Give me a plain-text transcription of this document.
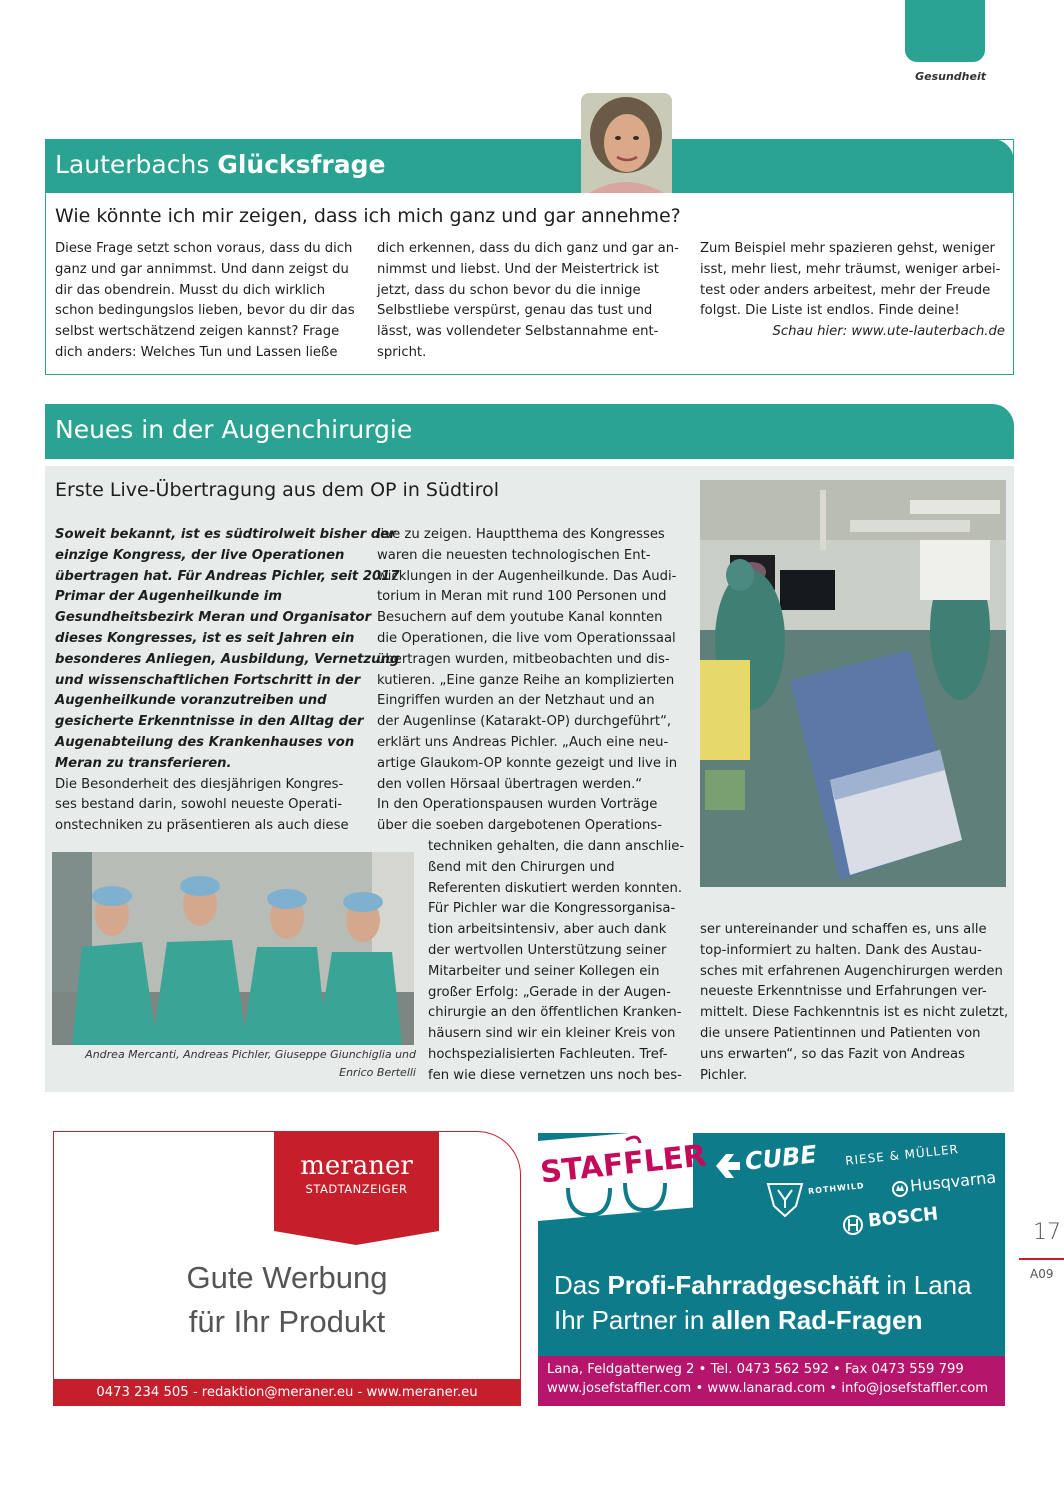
Gesundheit
Lauterbachs Glücksfrage
Wie könnte ich mir zeigen, dass ich mich ganz und gar annehme?

Diese Frage setzt schon voraus, dass du dich

ganz und gar annimmst. Und dann zeigst du

dir das obendrein. Musst du dich wirklich

schon bedingungslos lieben, bevor du dir das

selbst wertschätzend zeigen kannst? Frage

dich anders: Welches Tun und Lassen ließe

dich erkennen, dass du dich ganz und gar an-

nimmst und liebst. Und der Meistertrick ist

jetzt, dass du schon bevor du die innige

Selbstliebe verspürst, genau das tust und

lässt, was vollendeter Selbstannahme ent-

spricht.

Zum Beispiel mehr spazieren gehst, weniger

isst, mehr liest, mehr träumst, weniger arbei-

test oder anders arbeitest, mehr der Freude

folgst. Die Liste ist endlos. Finde deine!

Schau hier: www.ute-lauterbach.de

Neues in der Augenchirurgie
Erste Live-Übertragung aus dem OP in Südtirol

Soweit bekannt, ist es südtirolweit bisher der

einzige Kongress, der live Operationen

übertragen hat. Für Andreas Pichler, seit 2017

Primar der Augenheilkunde im

Gesundheitsbezirk Meran und Organisator

dieses Kongresses, ist es seit Jahren ein

besonderes Anliegen, Ausbildung, Vernetzung

und wissenschaftlichen Fortschritt in der

Augenheilkunde voranzutreiben und

gesicherte Erkenntnisse in den Alltag der

Augenabteilung des Krankenhauses von

Meran zu transferieren.

Die Besonderheit des diesjährigen Kongres-

ses bestand darin, sowohl neueste Operati-

onstechniken zu präsentieren als auch diese

live zu zeigen. Hauptthema des Kongresses

waren die neuesten technologischen Ent-

wicklungen in der Augenheilkunde. Das Audi-

torium in Meran mit rund 100 Personen und

Besuchern auf dem youtube Kanal konnten

die Operationen, die live vom Operationssaal

übertragen wurden, mitbeobachten und dis-

kutieren. „Eine ganze Reihe an komplizierten

Eingriffen wurden an der Netzhaut und an

der Augenlinse (Katarakt-OP) durchgeführt“,

erklärt uns Andreas Pichler. „Auch eine neu-

artige Glaukom-OP konnte gezeigt und live in

den vollen Hörsaal übertragen werden.“

In den Operationspausen wurden Vorträge

über die soeben dargebotenen Operations-

techniken gehalten, die dann anschlie-

ßend mit den Chirurgen und

Referenten diskutiert werden konnten.

Für Pichler war die Kongressorganisa-

tion arbeitsintensiv, aber auch dank

der wertvollen Unterstützung seiner

Mitarbeiter und seiner Kollegen ein

großer Erfolg: „Gerade in der Augen-

chirurgie an den öffentlichen Kranken-

häusern sind wir ein kleiner Kreis von

hochspezialisierten Fachleuten. Tref-

fen wie diese vernetzen uns noch bes-

ser untereinander und schaffen es, uns alle

top-informiert zu halten. Dank des Austau-

sches mit erfahrenen Augenchirurgen werden

neueste Erkenntnisse und Erfahrungen ver-

mittelt. Diese Fachkenntnis ist es nicht zuletzt,

die unsere Patientinnen und Patienten von

uns erwarten“, so das Fazit von Andreas

Pichler.

Andrea Mercanti, Andreas Pichler, Giuseppe Giunchiglia und

Enrico Bertelli

meraner
STADTANZEIGER

Gute Werbung

für Ihr Produkt

0473 234 505 - redaktion@meraner.eu - www.meraner.eu
STAFFLER CUBE RIESE & MÜLLER
ROTHWILD	Husqvarna
BOSCH

Das Profi-Fahrradgeschäft in Lana

Ihr Partner in allen Rad-Fragen

Lana, Feldgatterweg 2 • Tel. 0473 562 592 • Fax 0473 559 799

www.josefstaffler.com • www.lanarad.com • info@josefstaffler.com

17
A09
